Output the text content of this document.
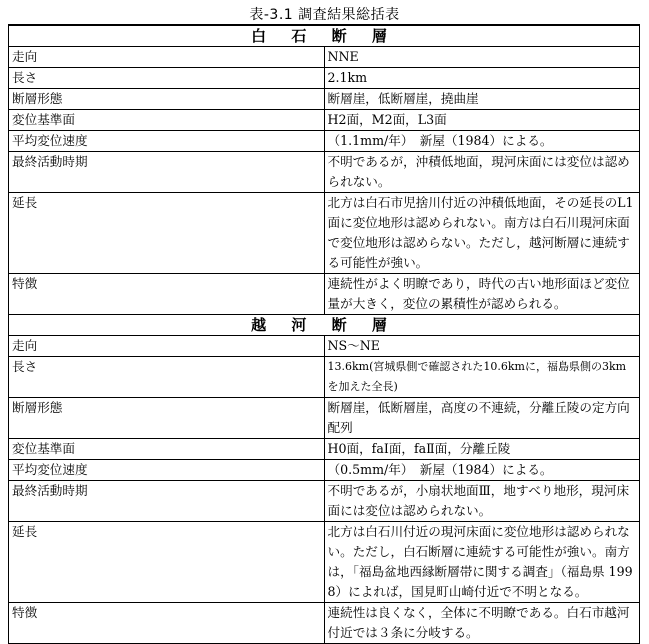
表-3.1 調査結果総括表
白 石 断 層	
走向	NNE
長さ	2.1km
断層形態	断層崖，低断層崖，撓曲崖
変位基準面	H2面，M2面，L3面
平均変位速度	（1.1mm/年）　新屋（1984）による。
最終活動時期	不明であるが，沖積低地面，現河床面には変位は認められない。
延長	北方は白石市児捨川付近の沖積低地面，その延長のL1面に変位地形は認められない。南方は白石川現河床面で変位地形は認めらない。ただし，越河断層に連続する可能性が強い。
特徴	連続性がよく明瞭であり，時代の古い地形面ほど変位量が大きく，変位の累積性が認められる。
越 河 断 層	
走向	NS～NE
長さ	13.6km(宮城県側で確認された10.6kmに，福島県側の3kmを加えた全長)
断層形態	断層崖，低断層崖，高度の不連続，分離丘陵の定方向配列
変位基準面	H0面，faⅠ面，faⅡ面，分離丘陵
平均変位速度	（0.5mm/年）　新屋（1984）による。
最終活動時期	不明であるが，小扇状地面Ⅲ，地すべり地形，現河床面には変位は認められない。
延長	北方は白石川付近の現河床面に変位地形は認められない。ただし，白石断層に連続する可能性が強い。南方は，「福島盆地西縁断層帯に関する調査」（福島県 1998）によれば，国見町山崎付近で不明となる。
特徴	連続性は良くなく，全体に不明瞭である。白石市越河付近では３条に分岐する。
